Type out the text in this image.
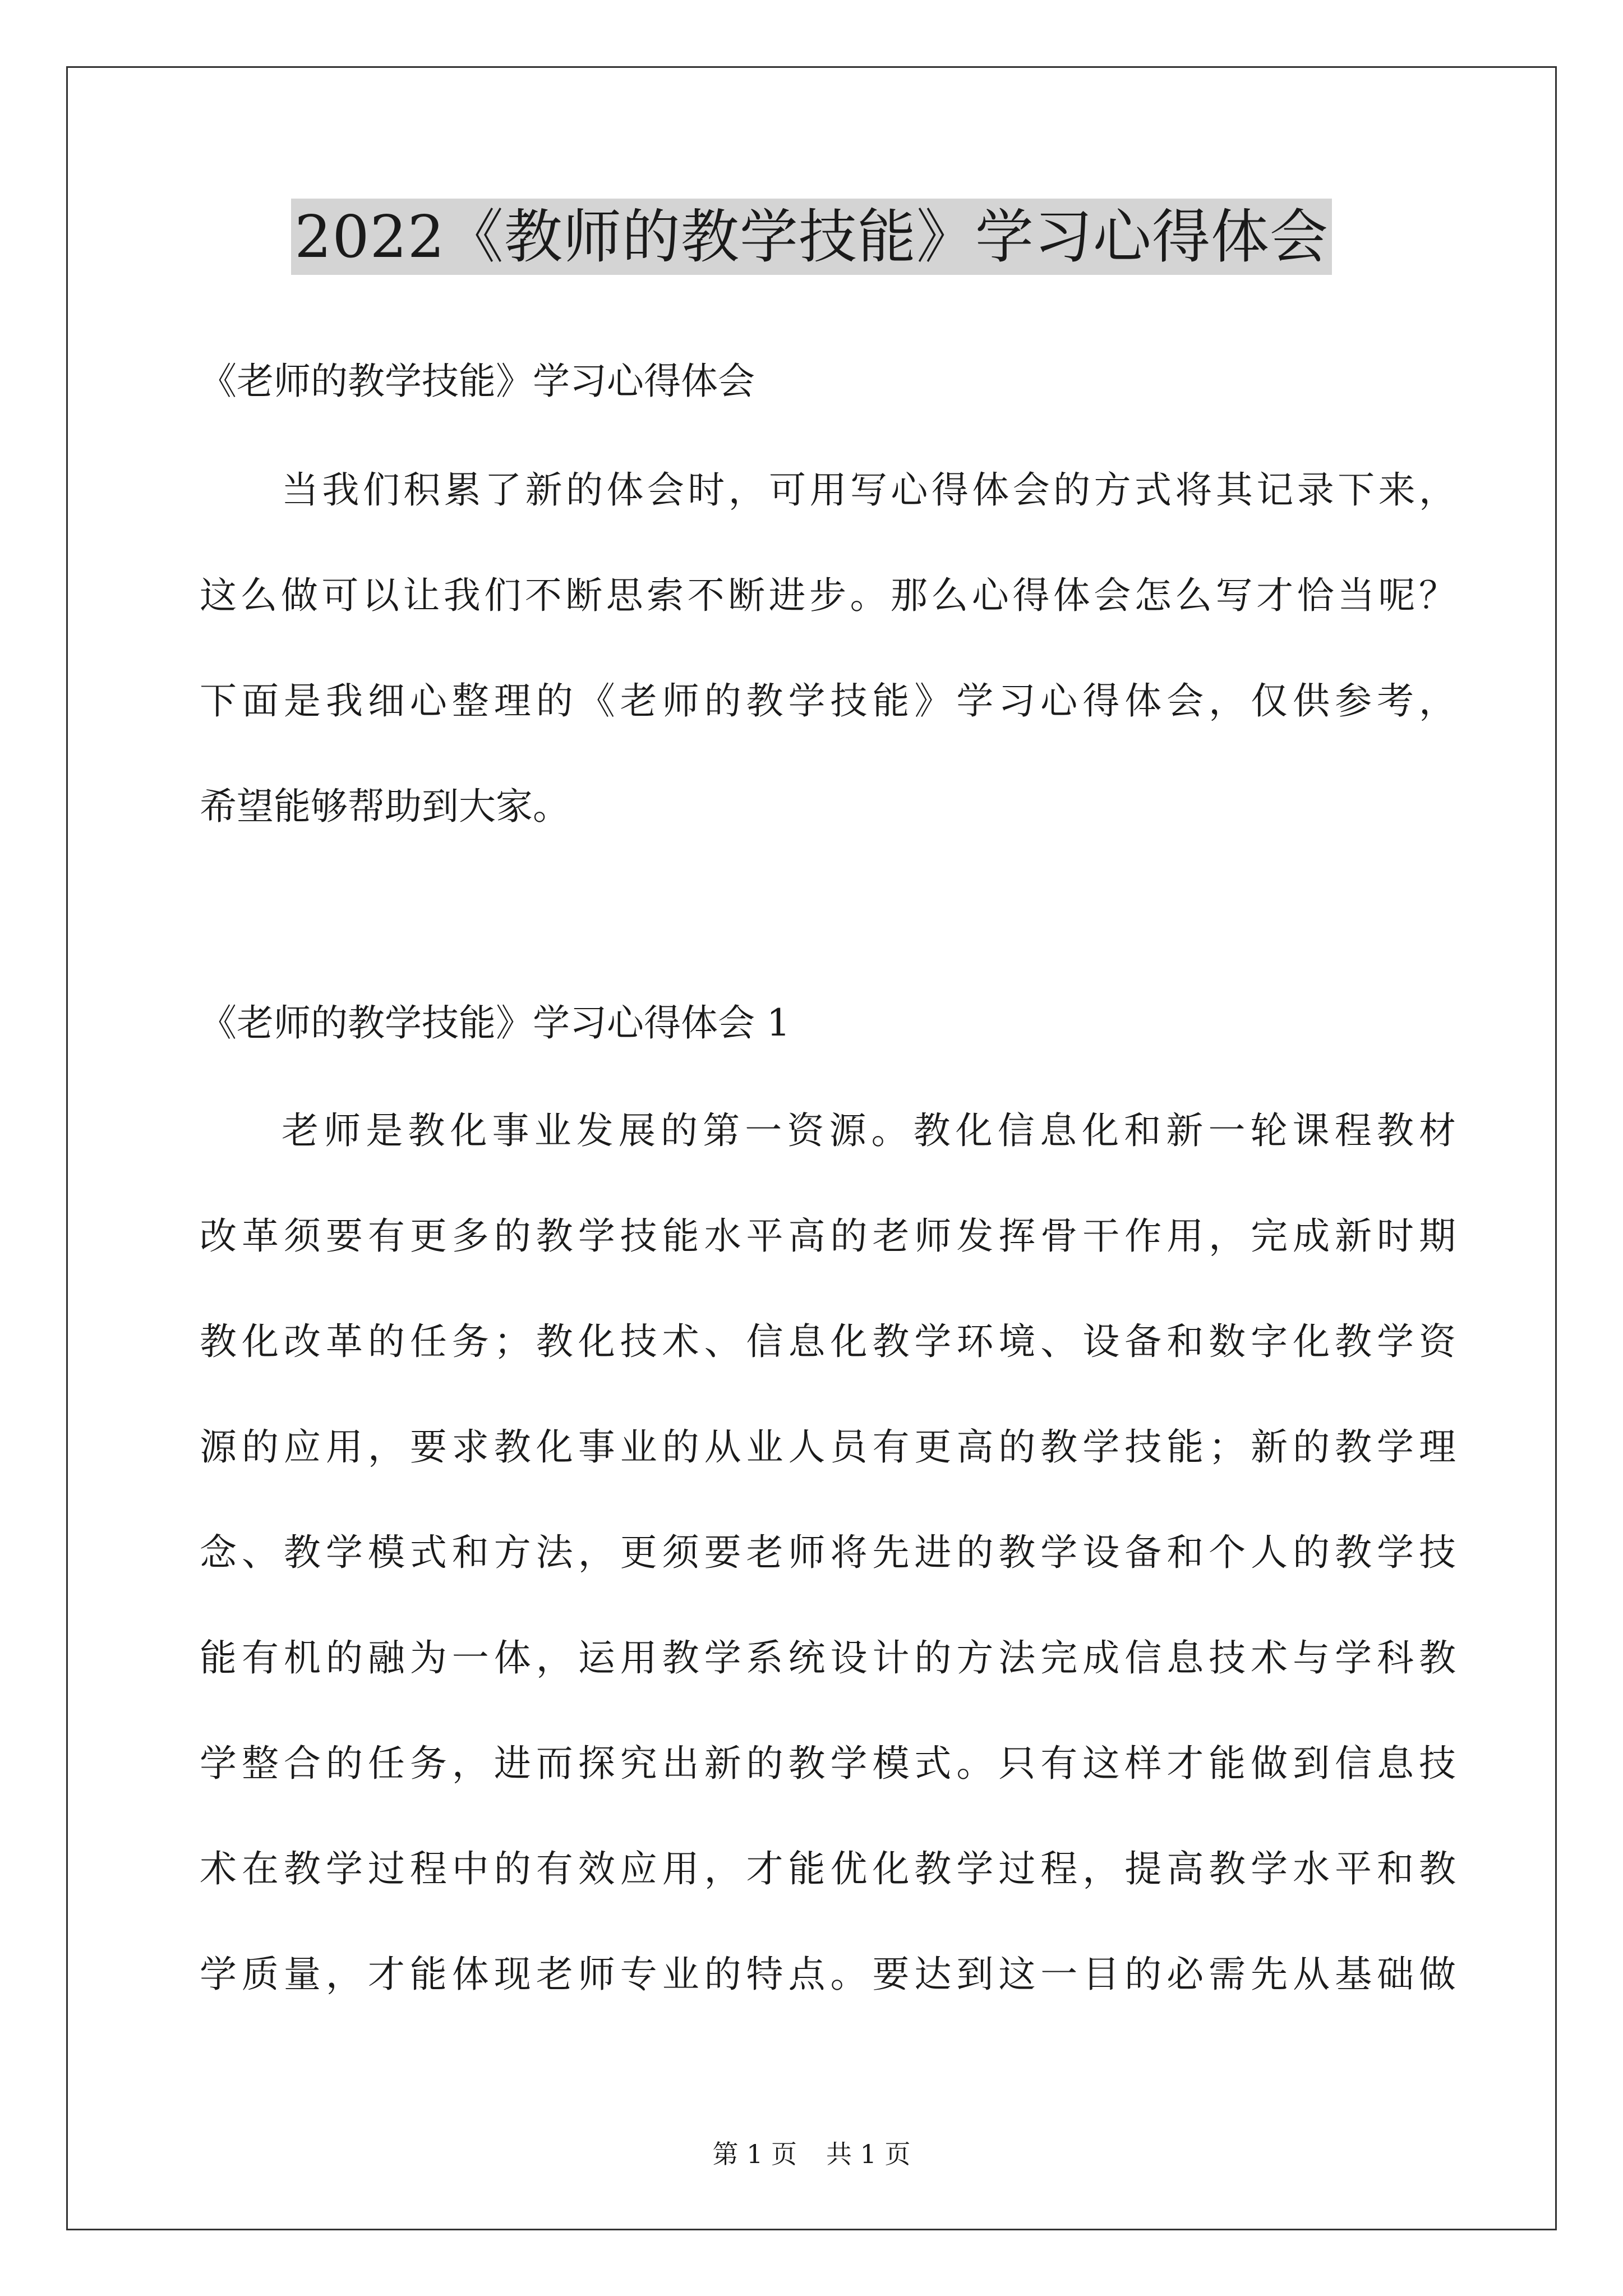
2022《教师的教学技能》学习心得体会
《老师的教学技能》学习心得体会
当我们积累了新的体会时，可用写心得体会的方式将其记录下来，
这么做可以让我们不断思索不断进步。那么心得体会怎么写才恰当呢？
下面是我细心整理的《老师的教学技能》学习心得体会，仅供参考，
希望能够帮助到大家。
《老师的教学技能》学习心得体会 1
老师是教化事业发展的第一资源。教化信息化和新一轮课程教材
改革须要有更多的教学技能水平高的老师发挥骨干作用，完成新时期
教化改革的任务；教化技术、信息化教学环境、设备和数字化教学资
源的应用，要求教化事业的从业人员有更高的教学技能；新的教学理
念、教学模式和方法，更须要老师将先进的教学设备和个人的教学技
能有机的融为一体，运用教学系统设计的方法完成信息技术与学科教
学整合的任务，进而探究出新的教学模式。只有这样才能做到信息技
术在教学过程中的有效应用，才能优化教学过程，提高教学水平和教
学质量，才能体现老师专业的特点。要达到这一目的必需先从基础做
第 1 页 共 1 页
